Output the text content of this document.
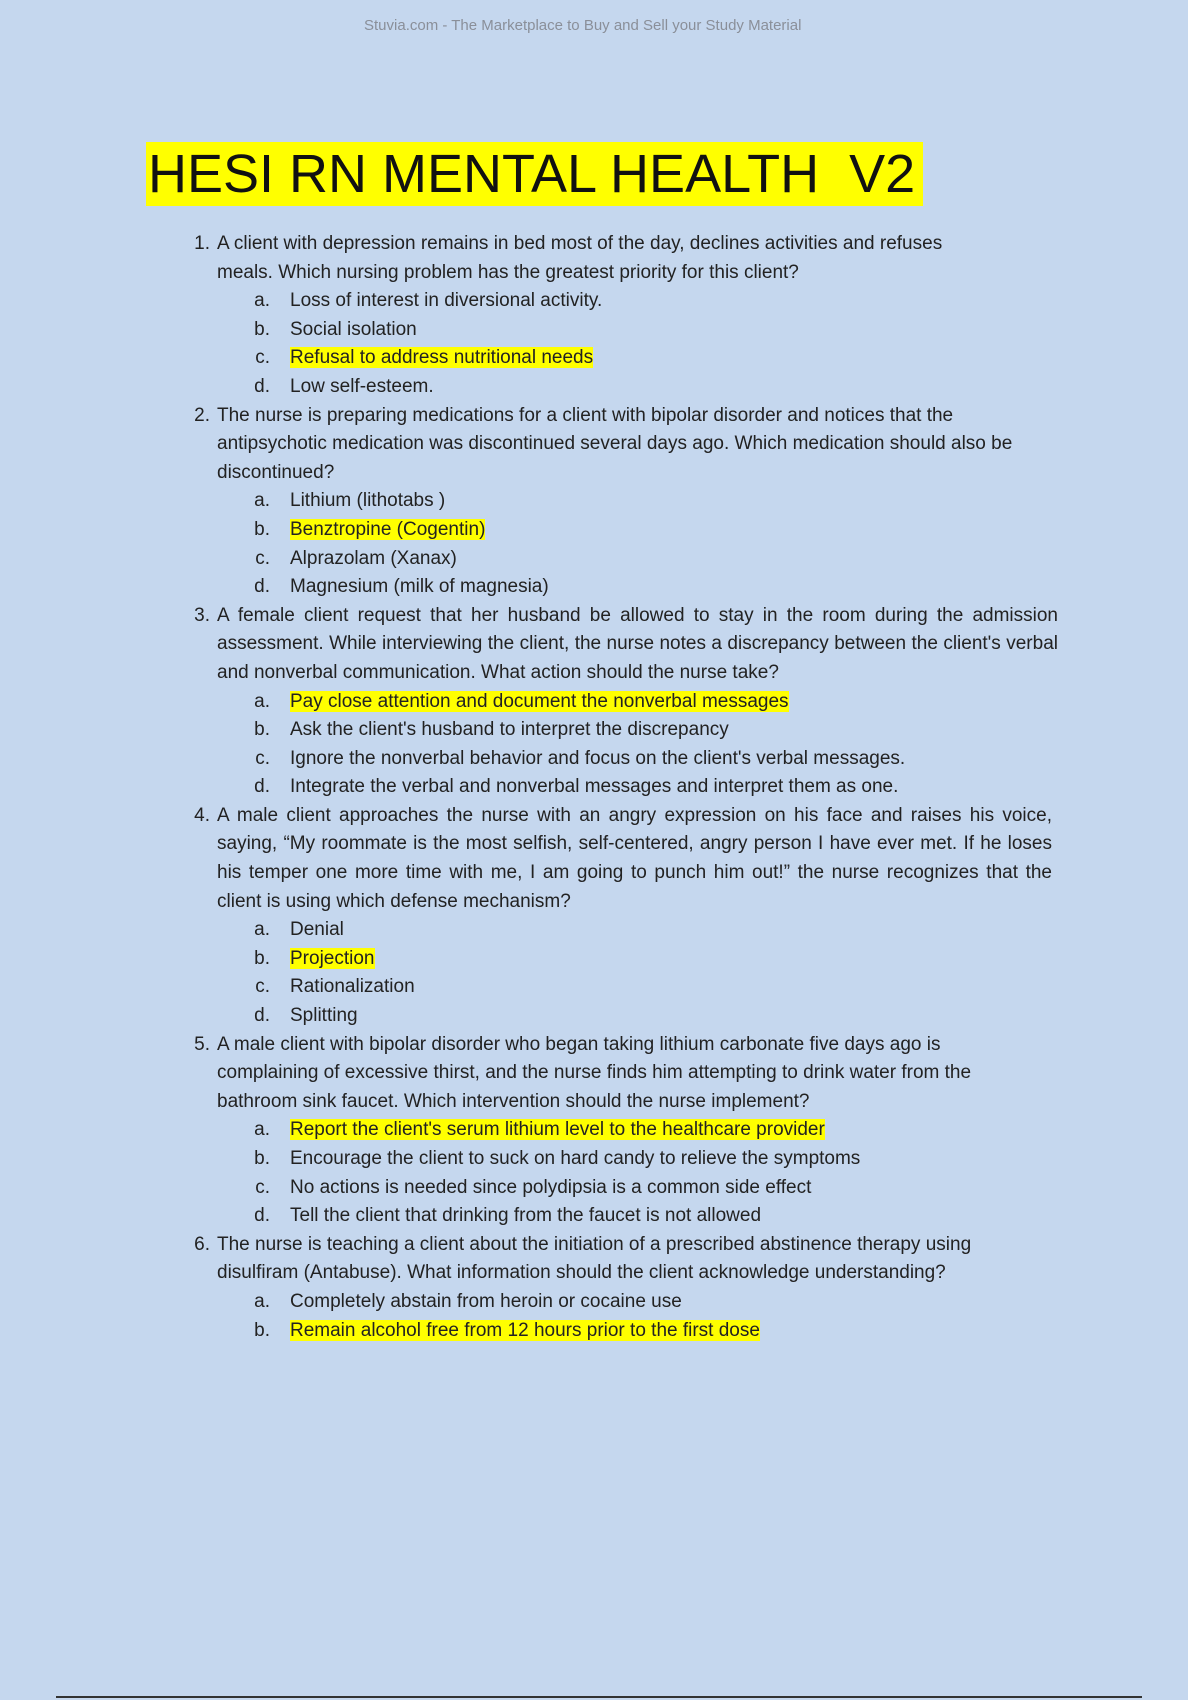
Stuvia.com - The Marketplace to Buy and Sell your Study Material
HESI RN MENTAL HEALTH  V2
1. A client with depression remains in bed most of the day, declines activities and refuses meals. Which nursing problem has the greatest priority for this client?
a. Loss of interest in diversional activity.
b. Social isolation
c. Refusal to address nutritional needs
d. Low self-esteem.
2. The nurse is preparing medications for a client with bipolar disorder and notices that the antipsychotic medication was discontinued several days ago. Which medication should also be discontinued?
a. Lithium (lithotabs )
b. Benztropine (Cogentin)
c. Alprazolam (Xanax)
d. Magnesium (milk of magnesia)
3. A female client request that her husband be allowed to stay in the room during the admission assessment. While interviewing the client, the nurse notes a discrepancy between the client's verbal and nonverbal communication. What action should the nurse take?
a. Pay close attention and document the nonverbal messages
b. Ask the client's husband to interpret the discrepancy
c. Ignore the nonverbal behavior and focus on the client's verbal messages.
d. Integrate the verbal and nonverbal messages and interpret them as one.
4. A male client approaches the nurse with an angry expression on his face and raises his voice, saying, “My roommate is the most selfish, self-centered, angry person I have ever met. If he loses his temper one more time with me, I am going to punch him out!” the nurse recognizes that the client is using which defense mechanism?
a. Denial
b. Projection
c. Rationalization
d. Splitting
5. A male client with bipolar disorder who began taking lithium carbonate five days ago is complaining of excessive thirst, and the nurse finds him attempting to drink water from the bathroom sink faucet. Which intervention should the nurse implement?
a. Report the client's serum lithium level to the healthcare provider
b. Encourage the client to suck on hard candy to relieve the symptoms
c. No actions is needed since polydipsia is a common side effect
d. Tell the client that drinking from the faucet is not allowed
6. The nurse is teaching a client about the initiation of a prescribed abstinence therapy using disulfiram (Antabuse). What information should the client acknowledge understanding?
a. Completely abstain from heroin or cocaine use
b. Remain alcohol free from 12 hours prior to the first dose
